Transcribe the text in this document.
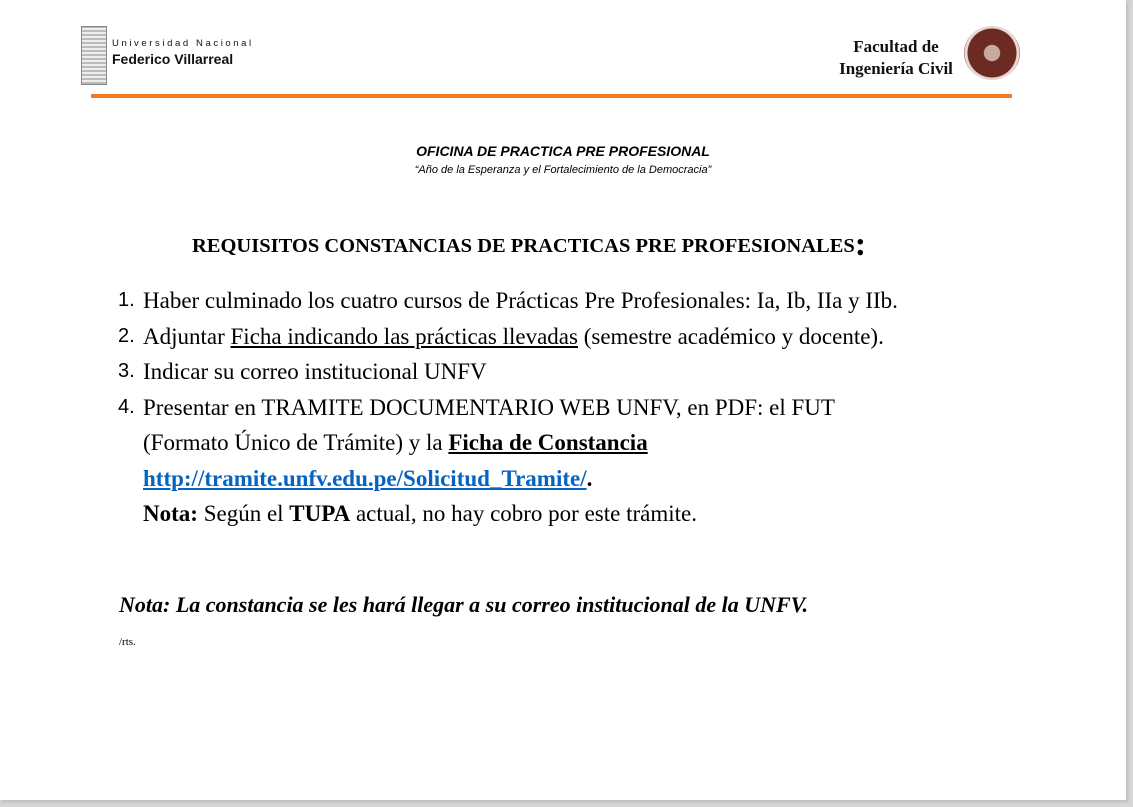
Universidad Nacional
Federico Villarreal
Facultad de
Ingeniería Civil
OFICINA DE PRACTICA PRE PROFESIONAL
“Año de la Esperanza y el Fortalecimiento de la Democracia”
REQUISITOS CONSTANCIAS DE PRACTICAS PRE PROFESIONALES:
1. Haber culminado los cuatro cursos de Prácticas Pre Profesionales: Ia, Ib, IIa y IIb.
2. Adjuntar Ficha indicando las prácticas llevadas (semestre académico y docente).
3. Indicar su correo institucional UNFV
4. Presentar en TRAMITE DOCUMENTARIO WEB UNFV, en PDF: el FUT
(Formato Único de Trámite) y la Ficha de Constancia
http://tramite.unfv.edu.pe/Solicitud_Tramite/.
Nota: Según el TUPA actual, no hay cobro por este trámite.
Nota: La constancia se les hará llegar a su correo institucional de la UNFV.
/rts.
